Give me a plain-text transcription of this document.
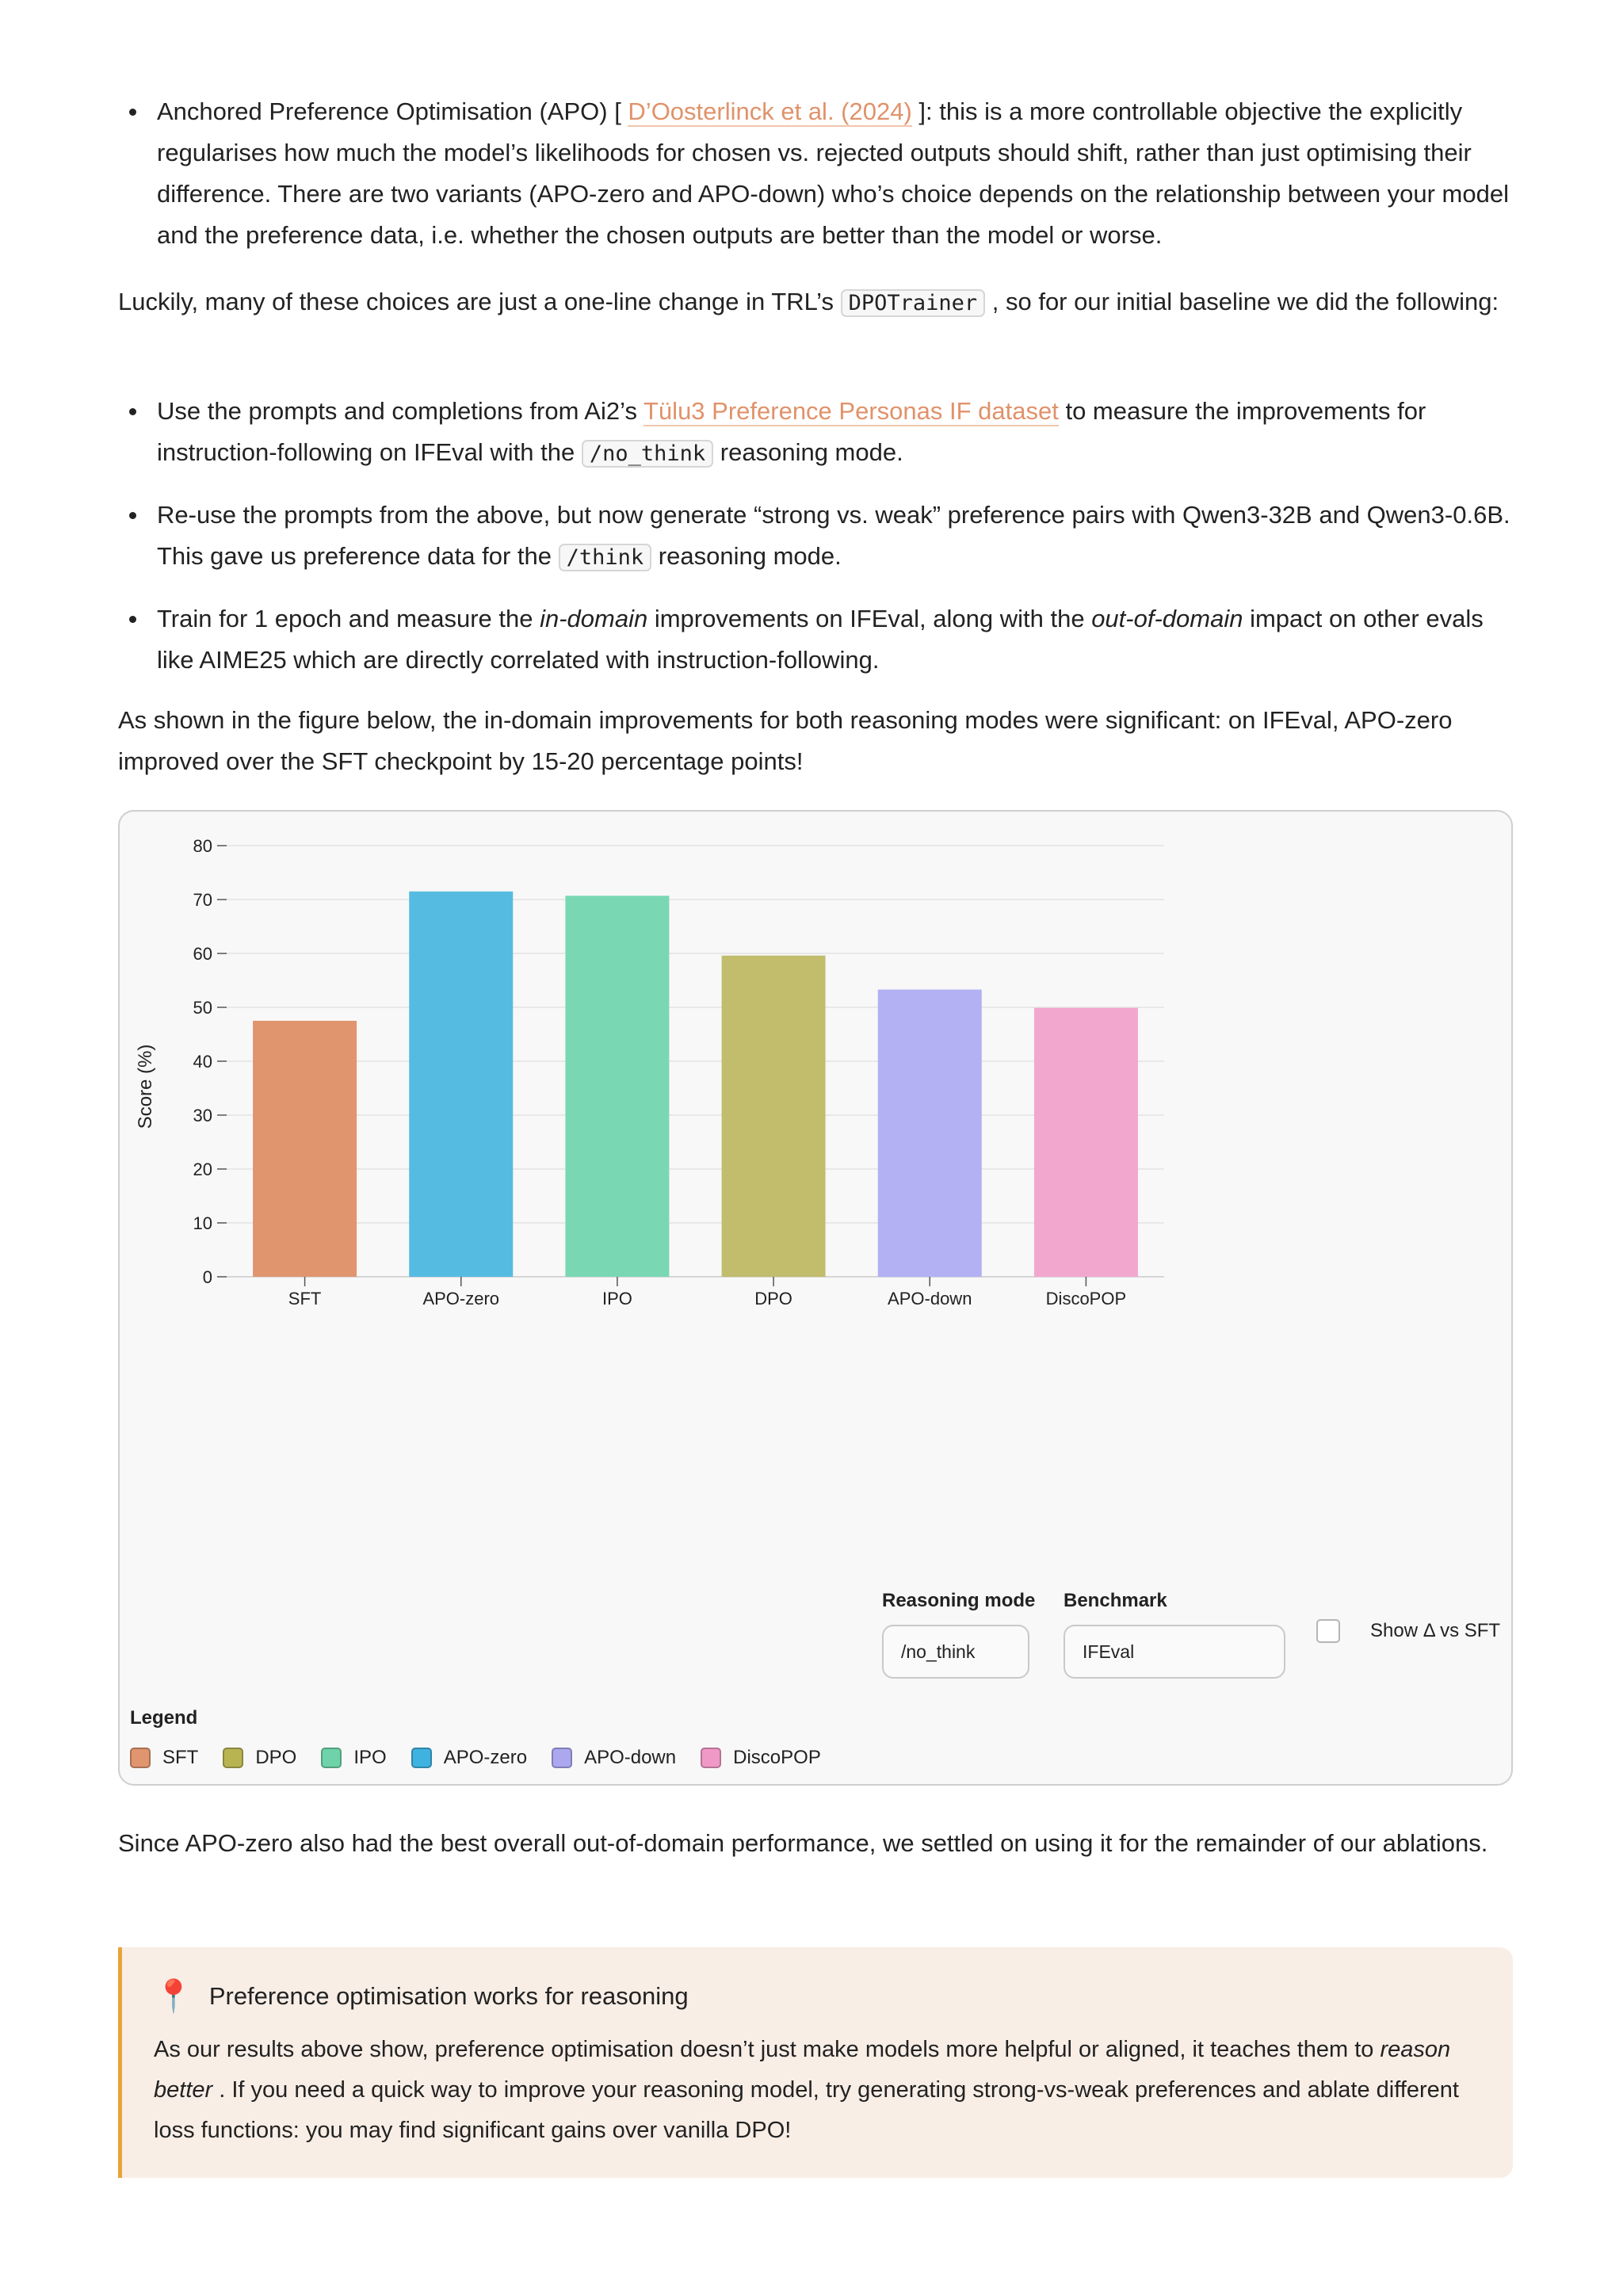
Anchored Preference Optimisation (APO) [ D’Oosterlinck et al. (2024) ]: this is a more controllable objective the explicitly regularises how much the model’s likelihoods for chosen vs. rejected outputs should shift, rather than just optimising their difference. There are two variants (APO-zero and APO-down) who’s choice depends on the relationship between your model and the preference data, i.e. whether the chosen outputs are better than the model or worse.

Luckily, many of these choices are just a one-line change in TRL’s DPOTrainer , so for our initial baseline we did the following:

Use the prompts and completions from Ai2’s Tülu3 Preference Personas IF dataset to measure the improvements for instruction-following on IFEval with the /no_think reasoning mode.
Re-use the prompts from the above, but now generate “strong vs. weak” preference pairs with Qwen3-32B and Qwen3-0.6B. This gave us preference data for the /think reasoning mode.
Train for 1 epoch and measure the in-domain improvements on IFEval, along with the out-of-domain impact on other evals like AIME25 which are directly correlated with instruction-following.

As shown in the figure below, the in-domain improvements for both reasoning modes were significant: on IFEval, APO-zero improved over the SFT checkpoint by 15-20 percentage points!

0
10
20
30
40
50
60
70
80
Score (%)
SFT	APO-zero	IPO	DPO	APO-down	DiscoPOP
Reasoning mode
/no_think
Benchmark
IFEval
Show Δ vs SFT
Legend
SFT	DPO	IPO	APO-zero	APO-down	DiscoPOP

Since APO-zero also had the best overall out-of-domain performance, we settled on using it for the remainder of our ablations.

📍 Preference optimisation works for reasoning
As our results above show, preference optimisation doesn’t just make models more helpful or aligned, it teaches them to reason better . If you need a quick way to improve your reasoning model, try generating strong-vs-weak preferences and ablate different loss functions: you may find significant gains over vanilla DPO!
